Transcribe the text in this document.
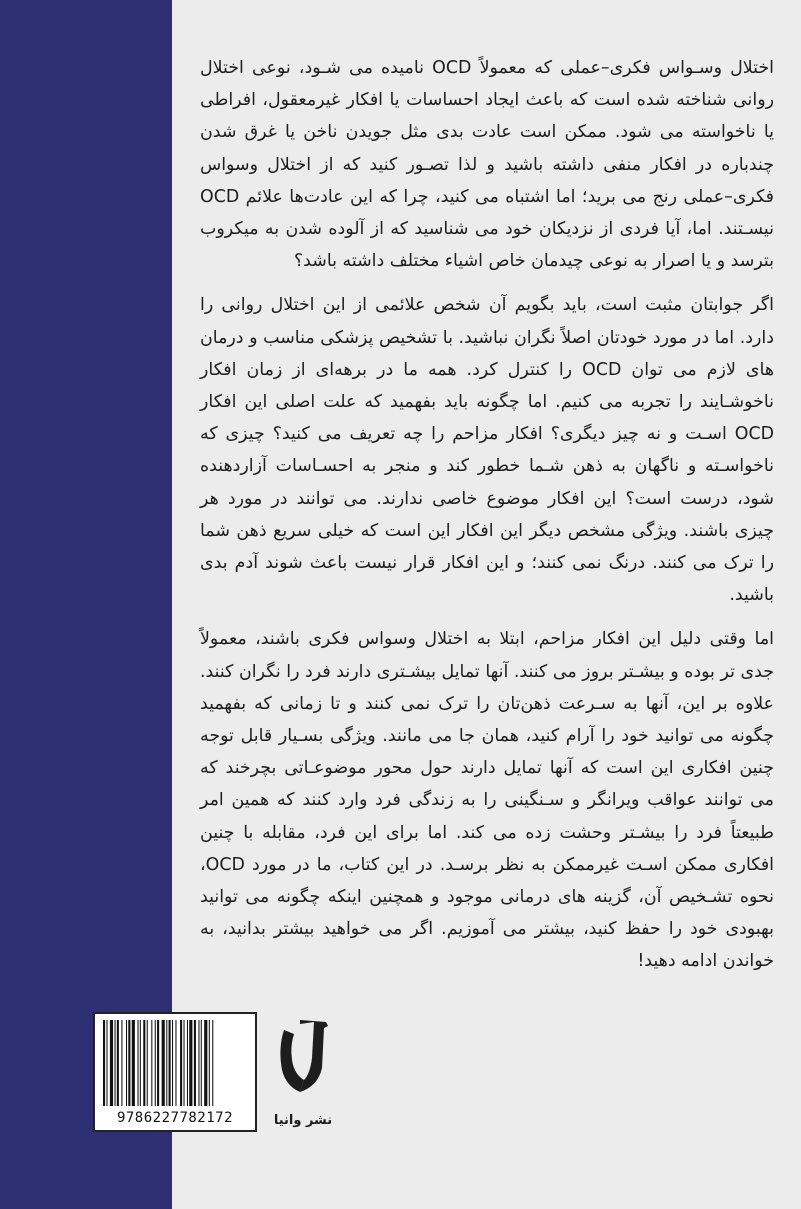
اختلال وسـواس فکری–عملی که معمولاً OCD نامیده می شـود، نوعی اختلال روانی شناخته شده است که باعث ایجاد احساسات یا افکار غیرمعقول، افراطی یا ناخواسته می شود. ممکن است عادت بدی مثل جویدن ناخن یا غرق شدن چندباره در افکار منفی داشته باشید و لذا تصـور کنید که از اختلال وسواس فکری–عملی رنج می برید؛ اما اشتباه می کنید، چرا که این عادت‌ها علائم OCD نیسـتند. اما، آیا فردی از نزدیکان خود می شناسید که از آلوده شدن به میکروب بترسد و یا اصرار به نوعی چیدمان خاص اشیاء مختلف داشته باشد؟

اگر جوابتان مثبت است، باید بگویم آن شخص علائمی از این اختلال روانی را دارد. اما در مورد خودتان اصلاً نگران نباشید. با تشخیص پزشکی مناسب و درمان های لازم می توان OCD را کنترل کرد. همه ما در برهه‌ای از زمان افکار ناخوشـایند را تجربه می کنیم. اما چگونه باید بفهمید که علت اصلی این افکار OCD اسـت و نه چیز دیگری؟ افکار مزاحم را چه تعریف می کنید؟ چیزی که ناخواسـته و ناگهان به ذهن شـما خطور کند و منجر به احسـاسات آزاردهنده شود، درست است؟ این افکار موضوع خاصی ندارند. می توانند در مورد هر چیزی باشند. ویژگی مشخص دیگر این افکار این است که خیلی سریع ذهن شما را ترک می کنند. درنگ نمی کنند؛ و این افکار قرار نیست باعث شوند آدم بدی باشید.

اما وقتی دلیل این افکار مزاحم، ابتلا به اختلال وسواس فکری باشند، معمولاً جدی تر بوده و بیشـتر بروز می کنند. آنها تمایل بیشـتری دارند فرد را نگران کنند. علاوه بر این، آنها به سـرعت ذهن‌تان را ترک نمی کنند و تا زمانی که بفهمید چگونه می توانید خود را آرام کنید، همان جا می مانند. ویژگی بسـیار قابل توجه چنین افکاری این است که آنها تمایل دارند حول محور موضوعـاتی بچرخند که می توانند عواقب ویرانگر و سـنگینی را به زندگی فرد وارد کنند که همین امر طبیعتاً فرد را بیشـتر وحشت زده می کند. اما برای این فرد، مقابله با چنین افکاری ممکن اسـت غیرممکن به نظر برسـد. در این کتاب، ما در مورد OCD، نحوه تشـخیص آن، گزینه های درمانی موجود و همچنین اینکه چگونه می توانید بهبودی خود را حفظ کنید، بیشتر می آموزیم. اگر می خواهید بیشتر بدانید، به خواندن ادامه دهید!

9786227782172	نشر وانیا
